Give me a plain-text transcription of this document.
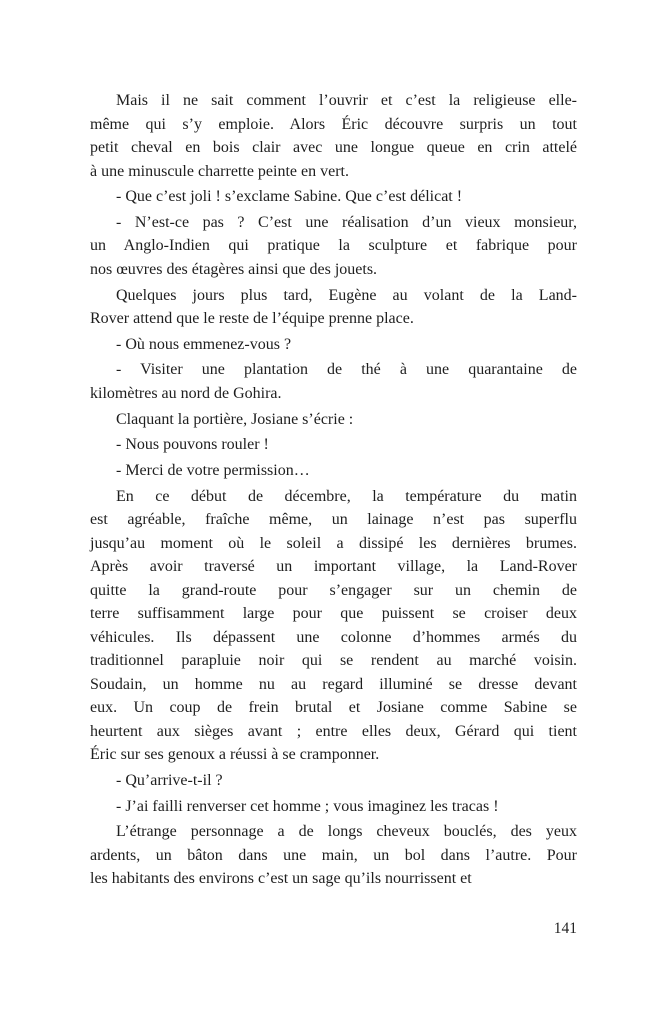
Mais il ne sait comment l’ouvrir et c’est la religieuse elle-
même qui s’y emploie. Alors Éric découvre surpris un tout
petit cheval en bois clair avec une longue queue en crin attelé
à une minuscule charrette peinte en vert.
- Que c’est joli ! s’exclame Sabine. Que c’est délicat !
- N’est-ce pas ? C’est une réalisation d’un vieux monsieur,
un Anglo-Indien qui pratique la sculpture et fabrique pour
nos œuvres des étagères ainsi que des jouets.
Quelques jours plus tard, Eugène au volant de la Land-
Rover attend que le reste de l’équipe prenne place.
- Où nous emmenez-vous ?
- Visiter une plantation de thé à une quarantaine de
kilomètres au nord de Gohira.
Claquant la portière, Josiane s’écrie :
- Nous pouvons rouler !
- Merci de votre permission…
En ce début de décembre, la température du matin
est agréable, fraîche même, un lainage n’est pas superflu
jusqu’au moment où le soleil a dissipé les dernières brumes.
Après avoir traversé un important village, la Land-Rover
quitte la grand-route pour s’engager sur un chemin de
terre suffisamment large pour que puissent se croiser deux
véhicules. Ils dépassent une colonne d’hommes armés du
traditionnel parapluie noir qui se rendent au marché voisin.
Soudain, un homme nu au regard illuminé se dresse devant
eux. Un coup de frein brutal et Josiane comme Sabine se
heurtent aux sièges avant ; entre elles deux, Gérard qui tient
Éric sur ses genoux a réussi à se cramponner.
- Qu’arrive-t-il ?
- J’ai failli renverser cet homme ; vous imaginez les tracas !
L’étrange personnage a de longs cheveux bouclés, des yeux
ardents, un bâton dans une main, un bol dans l’autre. Pour
les habitants des environs c’est un sage qu’ils nourrissent et
141
